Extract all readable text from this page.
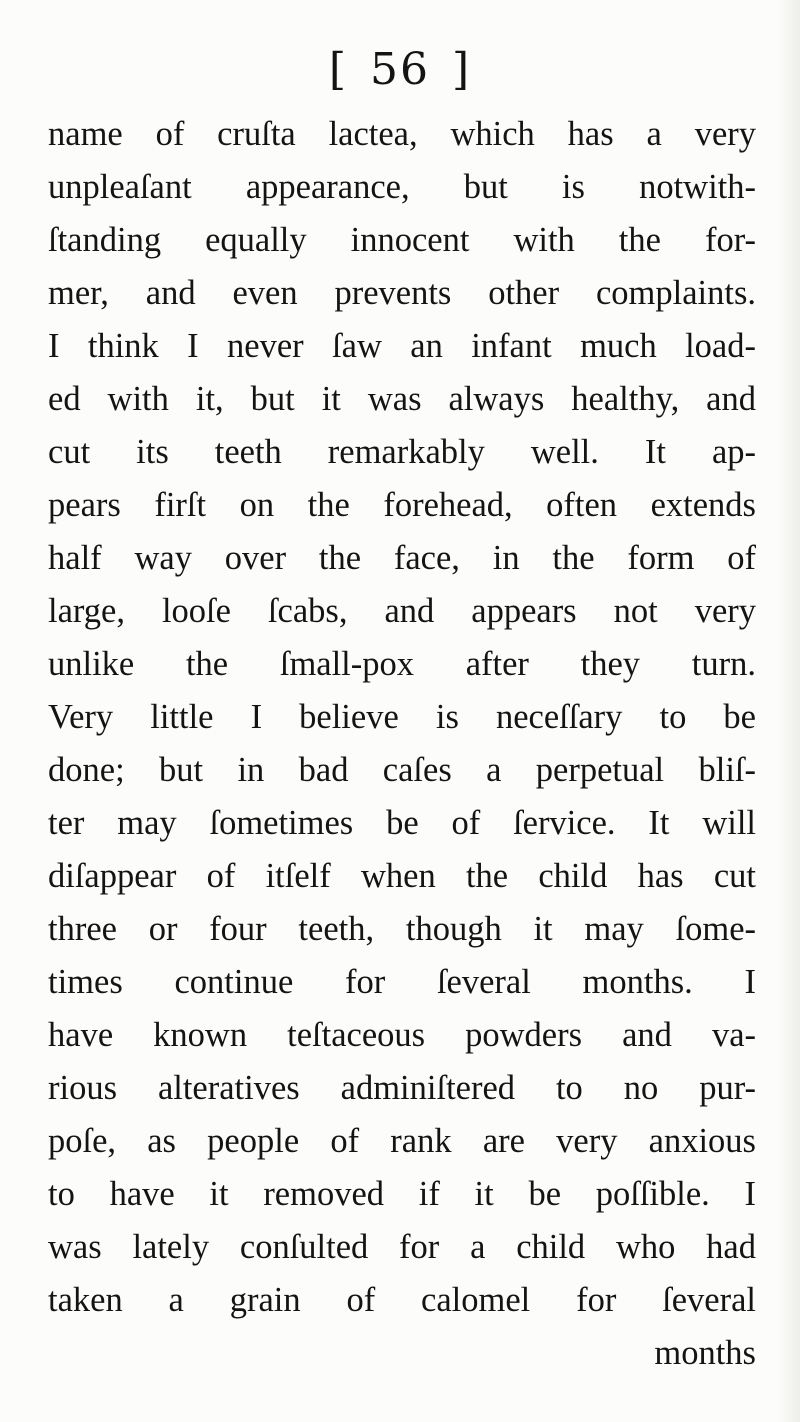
[ 56 ]
name of cruſta lactea, which has a very
unpleaſant appearance, but is notwith-
ſtanding equally innocent with the for-
mer, and even prevents other complaints.
I think I never ſaw an infant much load-
ed with it, but it was always healthy, and
cut its teeth remarkably well. It ap-
pears firſt on the forehead, often extends
half way over the face, in the form of
large, looſe ſcabs, and appears not very
unlike the ſmall-pox after they turn.
Very little I believe is neceſſary to be
done; but in bad caſes a perpetual bliſ-
ter may ſometimes be of ſervice. It will
diſappear of itſelf when the child has cut
three or four teeth, though it may ſome-
times continue for ſeveral months. I
have known teſtaceous powders and va-
rious alteratives adminiſtered to no pur-
poſe, as people of rank are very anxious
to have it removed if it be poſſible. I
was lately conſulted for a child who had
taken a grain of calomel for ſeveral
months
